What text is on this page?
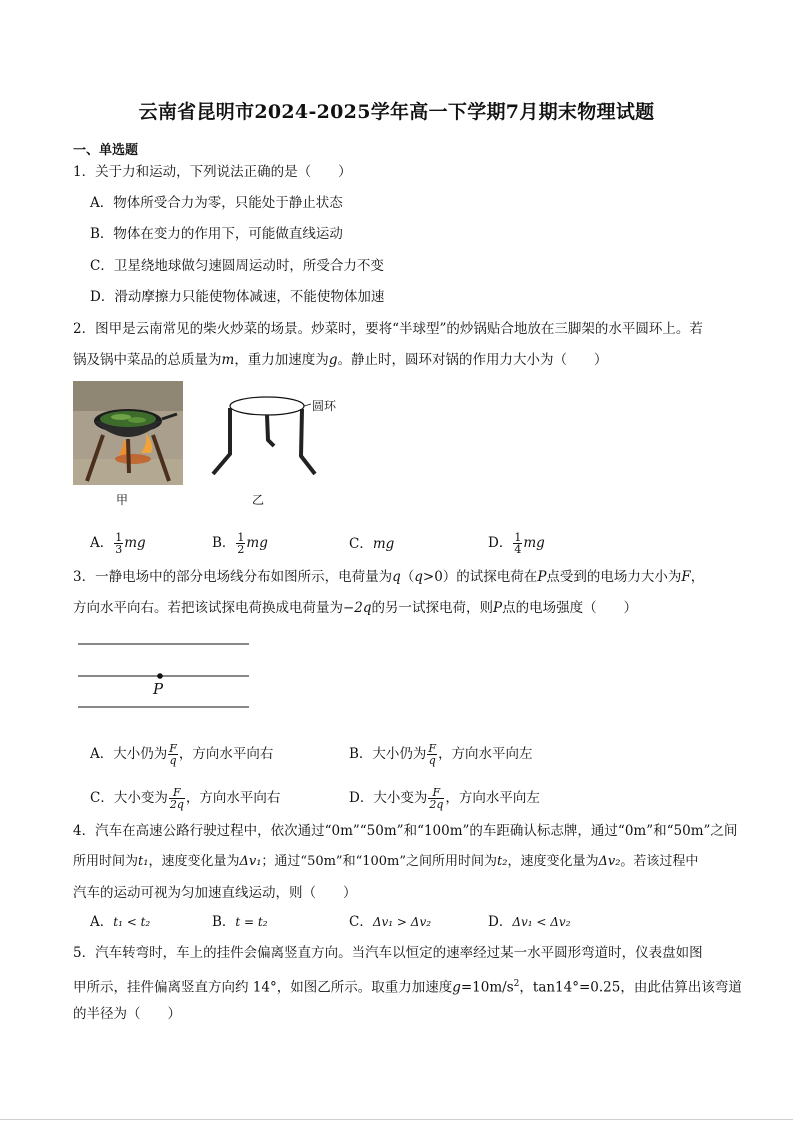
云南省昆明市2024-2025学年高一下学期7月期末物理试题
一、单选题
1．关于力和运动，下列说法正确的是（　　）
A．物体所受合力为零，只能处于静止状态
B．物体在变力的作用下，可能做直线运动
C．卫星绕地球做匀速圆周运动时，所受合力不变
D．滑动摩擦力只能使物体减速，不能使物体加速
2．图甲是云南常见的柴火炒菜的场景。炒菜时，要将“半球型”的炒锅贴合地放在三脚架的水平圆环上。若
锅及锅中菜品的总质量为m，重力加速度为g。静止时，圆环对锅的作用力大小为（　　）
甲
圆环
乙
A． $\frac{1}{3}$ mg	B． $\frac{1}{2}$ mg	C．mg	D． $\frac{1}{4}$ mg
3．一静电场中的部分电场线分布如图所示，电荷量为q（q>0）的试探电荷在P点受到的电场力大小为F，
方向水平向右。若把该试探电荷换成电荷量为−2q的另一试探电荷，则P点的电场强度（　　）
P
A．大小仍为 $\frac{F}{q}$ ，方向水平向右	B．大小仍为 $\frac{F}{q}$ ，方向水平向左
C．大小变为 $\frac{F}{2q}$ ，方向水平向右	D．大小变为 $\frac{F}{2q}$ ，方向水平向左
4．汽车在高速公路行驶过程中，依次通过“0m”“50m”和“100m”的车距确认标志牌，通过“0m”和“50m”之间
所用时间为t₁，速度变化量为Δv₁；通过“50m”和“100m”之间所用时间为t₂，速度变化量为Δv₂。若该过程中
汽车的运动可视为匀加速直线运动，则（　　）
A．t₁ < t₂	B．t = t₂	C．Δv₁ > Δv₂	D．Δv₁ < Δv₂
5．汽车转弯时，车上的挂件会偏离竖直方向。当汽车以恒定的速率经过某一水平圆形弯道时，仪表盘如图
甲所示，挂件偏离竖直方向约 14°，如图乙所示。取重力加速度$g=10m/s^2$，tan14°=0.25，由此估算出该弯道
的半径为（　　）
